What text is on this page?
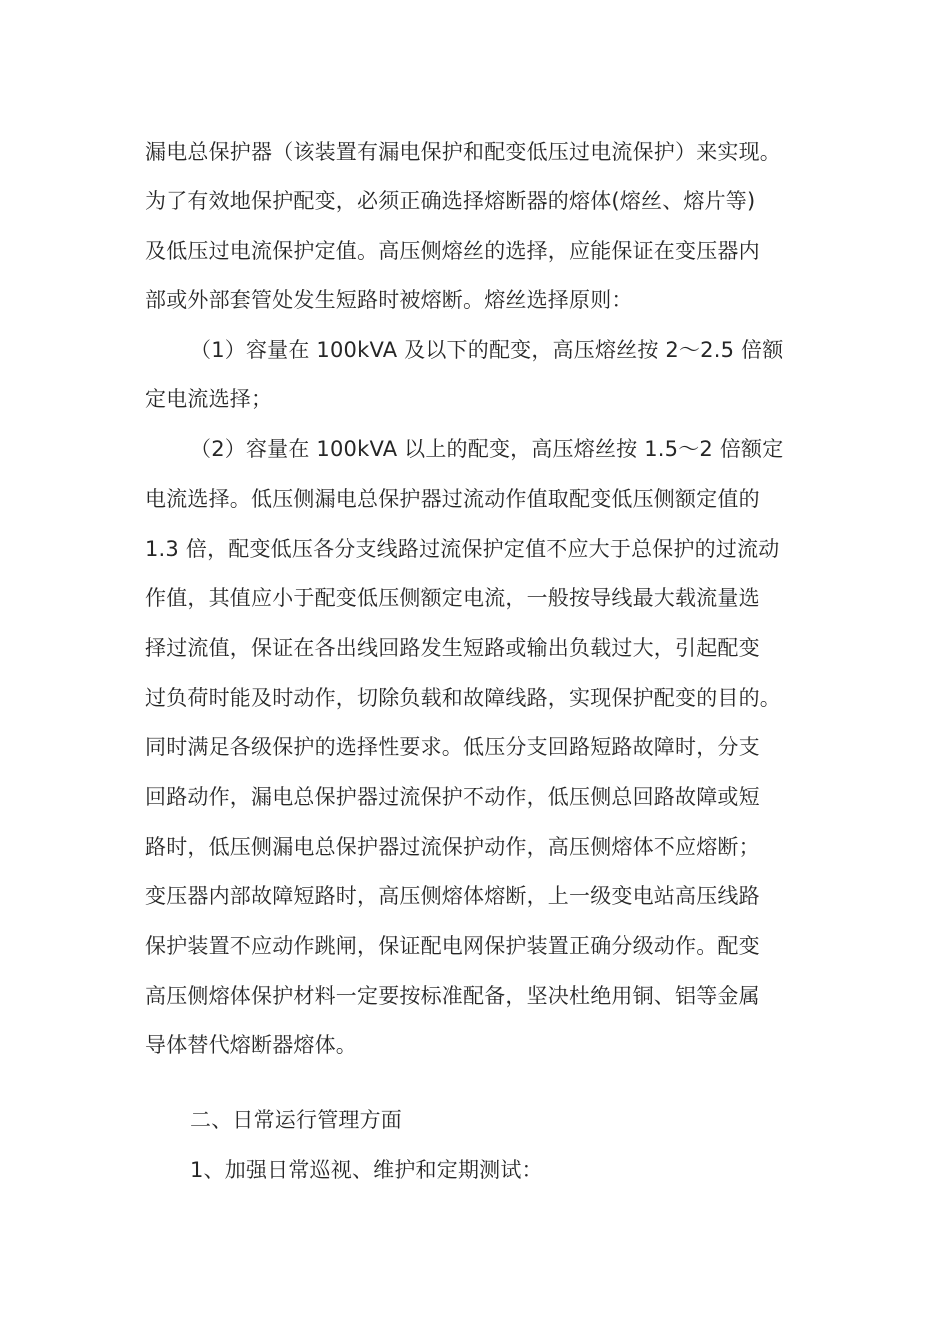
漏电总保护器（该装置有漏电保护和配变低压过电流保护）来实现。
为了有效地保护配变，必须正确选择熔断器的熔体(熔丝、熔片等)
及低压过电流保护定值。高压侧熔丝的选择，应能保证在变压器内
部或外部套管处发生短路时被熔断。熔丝选择原则：
（1）容量在 100kVA 及以下的配变，高压熔丝按 2～2.5 倍额
定电流选择；
（2）容量在 100kVA 以上的配变，高压熔丝按 1.5～2 倍额定
电流选择。低压侧漏电总保护器过流动作值取配变低压侧额定值的
1.3 倍，配变低压各分支线路过流保护定值不应大于总保护的过流动
作值，其值应小于配变低压侧额定电流，一般按导线最大载流量选
择过流值，保证在各出线回路发生短路或输出负载过大，引起配变
过负荷时能及时动作，切除负载和故障线路，实现保护配变的目的。
同时满足各级保护的选择性要求。低压分支回路短路故障时，分支
回路动作，漏电总保护器过流保护不动作，低压侧总回路故障或短
路时，低压侧漏电总保护器过流保护动作，高压侧熔体不应熔断；
变压器内部故障短路时，高压侧熔体熔断，上一级变电站高压线路
保护装置不应动作跳闸，保证配电网保护装置正确分级动作。配变
高压侧熔体保护材料一定要按标准配备，坚决杜绝用铜、铝等金属
导体替代熔断器熔体。
二、日常运行管理方面
1、加强日常巡视、维护和定期测试：
